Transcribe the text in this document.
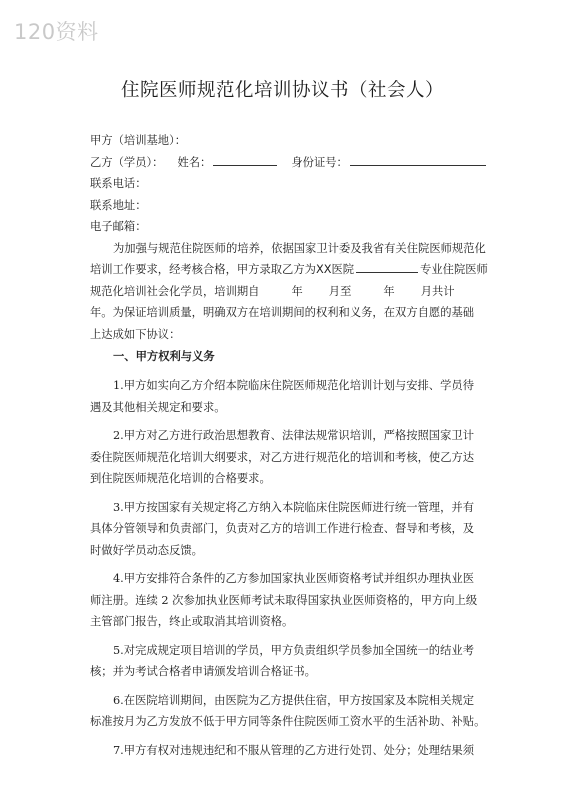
120资料
住院医师规范化培训协议书（社会人）
甲方（培训基地）：
乙方（学员）： 姓名：	身份证号：
联系电话：
联系地址：
电子邮箱：
为加强与规范住院医师的培养，依据国家卫计委及我省有关住院医师规范化
培训工作要求，经考核合格，甲方录取乙方为XX医院	专业住院医师
规范化培训社会化学员，培训期自	年 月至	年 月共计
年。为保证培训质量，明确双方在培训期间的权利和义务，在双方自愿的基础
上达成如下协议：
一、甲方权利与义务
1.甲方如实向乙方介绍本院临床住院医师规范化培训计划与安排、学员待
遇及其他相关规定和要求。
2.甲方对乙方进行政治思想教育、法律法规常识培训，严格按照国家卫计
委住院医师规范化培训大纲要求，对乙方进行规范化的培训和考核，使乙方达
到住院医师规范化培训的合格要求。
3.甲方按国家有关规定将乙方纳入本院临床住院医师进行统一管理，并有
具体分管领导和负责部门，负责对乙方的培训工作进行检查、督导和考核，及
时做好学员动态反馈。
4.甲方安排符合条件的乙方参加国家执业医师资格考试并组织办理执业医
师注册。连续 2 次参加执业医师考试未取得国家执业医师资格的，甲方向上级
主管部门报告，终止或取消其培训资格。
5.对完成规定项目培训的学员，甲方负责组织学员参加全国统一的结业考
核；并为考试合格者申请颁发培训合格证书。
6.在医院培训期间，由医院为乙方提供住宿，甲方按国家及本院相关规定
标准按月为乙方发放不低于甲方同等条件住院医师工资水平的生活补助、补贴。
7.甲方有权对违规违纪和不服从管理的乙方进行处罚、处分；处理结果须
